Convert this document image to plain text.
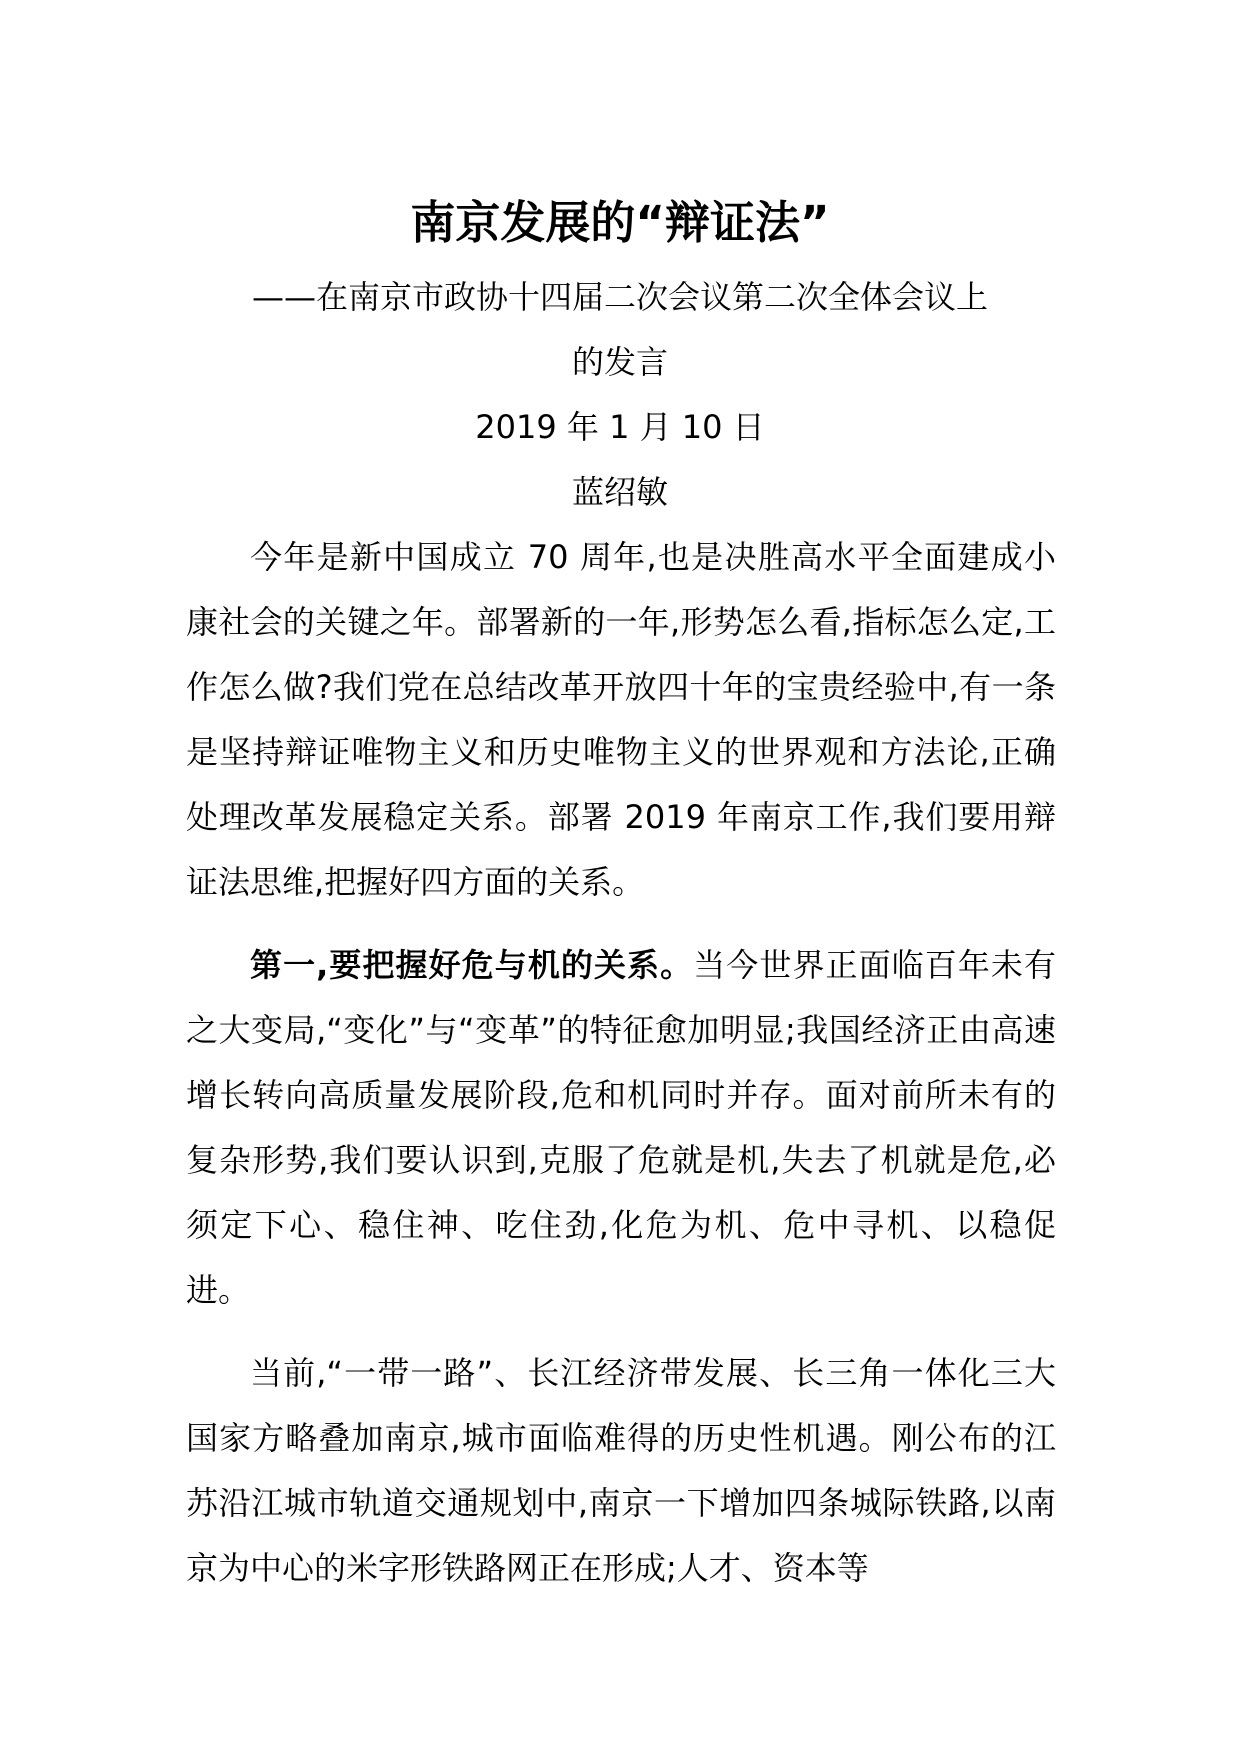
南京发展的“辩证法”
——在南京市政协十四届二次会议第二次全体会议上
的发言
2019 年 1 月 10 日
蓝绍敏

今年是新中国成立 70 周年,也是决胜高水平全面建成小康社会的关键之年。部署新的一年,形势怎么看,指标怎么定,工作怎么做?我们党在总结改革开放四十年的宝贵经验中,有一条是坚持辩证唯物主义和历史唯物主义的世界观和方法论,正确处理改革发展稳定关系。部署 2019 年南京工作,我们要用辩证法思维,把握好四方面的关系。

第一,要把握好危与机的关系。当今世界正面临百年未有之大变局,“变化”与“变革”的特征愈加明显;我国经济正由高速增长转向高质量发展阶段,危和机同时并存。面对前所未有的复杂形势,我们要认识到,克服了危就是机,失去了机就是危,必须定下心、稳住神、吃住劲,化危为机、危中寻机、以稳促进。

当前,“一带一路”、长江经济带发展、长三角一体化三大国家方略叠加南京,城市面临难得的历史性机遇。刚公布的江苏沿江城市轨道交通规划中,南京一下增加四条城际铁路,以南京为中心的米字形铁路网正在形成;人才、资本等
